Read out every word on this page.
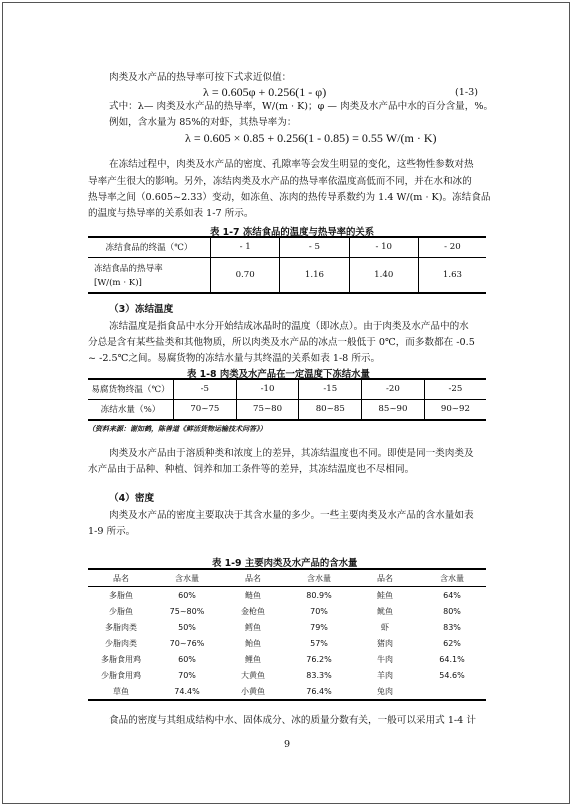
肉类及水产品的热导率可按下式求近似值：
λ = 0.605φ + 0.256(1 - φ)	(1-3)
式中：λ— 肉类及水产品的热导率，W/(m · K)；φ — 肉类及水产品中水的百分含量，%。
例如，含水量为 85%的对虾，其热导率为：
λ = 0.605 × 0.85 + 0.256(1 - 0.85) = 0.55 W/(m · K)
在冻结过程中，肉类及水产品的密度、孔隙率等会发生明显的变化，这些物性参数对热
导率产生很大的影响。另外，冻结肉类及水产品的热导率依温度高低而不同，并在水和冰的
热导率之间（0.605~2.33）变动，如冻鱼、冻肉的热传导系数约为 1.4 W/(m · K)。冻结食品
的温度与热导率的关系如表 1-7 所示。
表 1-7 冻结食品的温度与热导率的关系
冻结食品的终温（℃）	- 1	- 5	- 10	- 20

冻结食品的热导率
[W/(m · K)]	0.70	1.16	1.40	1.63
（3）冻结温度
冻结温度是指食品中水分开始结成冰晶时的温度（即冰点）。由于肉类及水产品中的水
分总是含有某些盐类和其他物质，所以肉类及水产品的冰点一般低于 0℃，而多数都在 -0.5
~ -2.5℃之间。易腐货物的冻结水量与其终温的关系如表 1-8 所示。
表 1-8 肉类及水产品在一定温度下冻结水量
易腐货物终温（℃）	-5	-10	-15	-20	-25
冻结水量（%）	70~75	75~80	80~85	85~90	90~92
（资料来源：谢如鹤，陈善道《鲜活货物运输技术问答》）
肉类及水产品由于溶质种类和浓度上的差异，其冻结温度也不同。即使是同一类肉类及
水产品由于品种、种植、饲养和加工条件等的差异，其冻结温度也不尽相同。
（4）密度
肉类及水产品的密度主要取决于其含水量的多少。一些主要肉类及水产品的含水量如表
1-9 所示。
表 1-9 主要肉类及水产品的含水量
品名	含水量	品名	含水量	品名	含水量
多脂鱼	60%	鲢鱼	80.9%	鲑鱼	64%
少脂鱼	75~80%	金枪鱼	70%	鱿鱼	80%
多脂肉类	50%	鳕鱼	79%	虾	83%
少脂肉类	70~76%	鲐鱼	57%	猪肉	62%
多脂食用鸡	60%	鲤鱼	76.2%	牛肉	64.1%
少脂食用鸡	70%	大黄鱼	83.3%	羊肉	54.6%
草鱼	74.4%	小黄鱼	76.4%	兔肉	
食品的密度与其组成结构中水、固体成分、冰的质量分数有关，一般可以采用式 1-4 计
9
